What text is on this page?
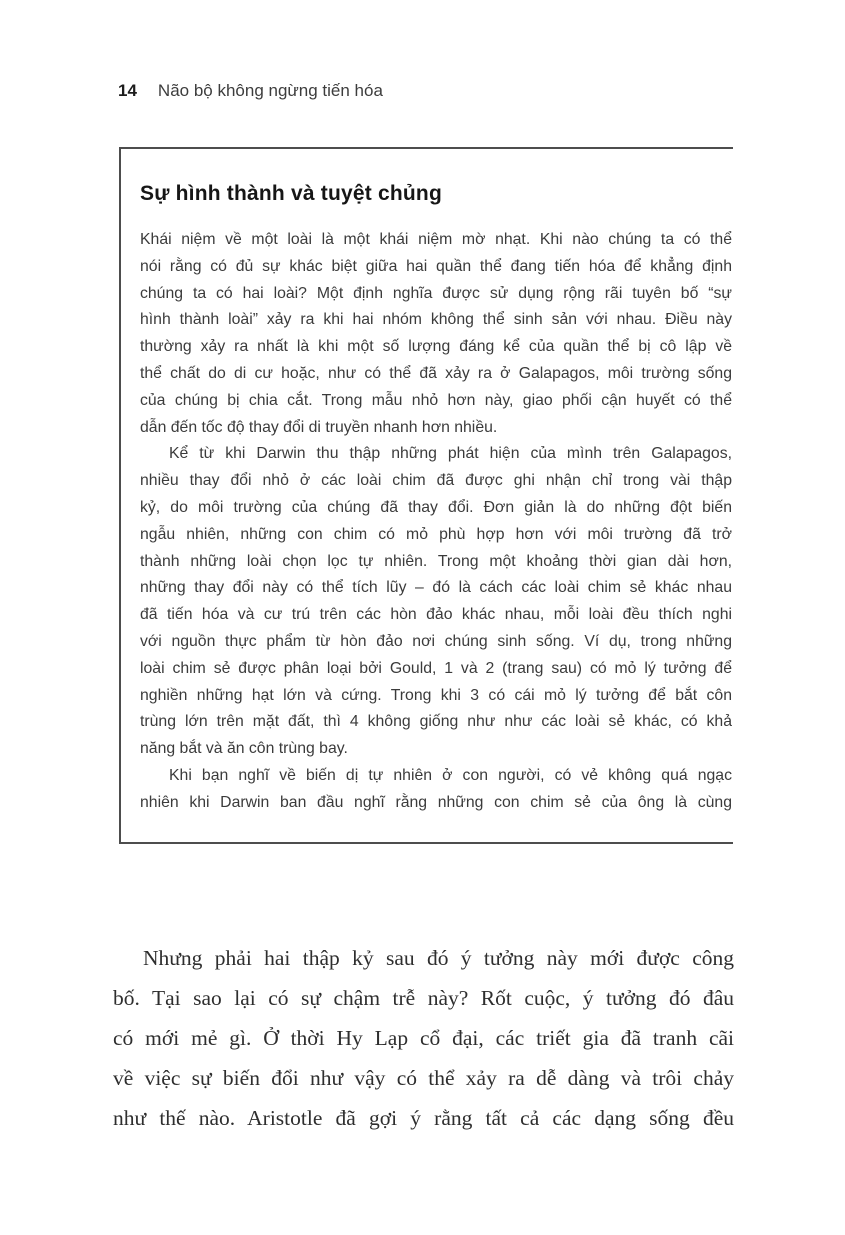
14 Não bộ không ngừng tiến hóa
Sự hình thành và tuyệt chủng
Khái niệm về một loài là một khái niệm mờ nhạt. Khi nào chúng ta có thể
nói rằng có đủ sự khác biệt giữa hai quần thể đang tiến hóa để khẳng định
chúng ta có hai loài? Một định nghĩa được sử dụng rộng rãi tuyên bố “sự
hình thành loài” xảy ra khi hai nhóm không thể sinh sản với nhau. Điều này
thường xảy ra nhất là khi một số lượng đáng kể của quần thể bị cô lập về
thể chất do di cư hoặc, như có thể đã xảy ra ở Galapagos, môi trường sống
của chúng bị chia cắt. Trong mẫu nhỏ hơn này, giao phối cận huyết có thể
dẫn đến tốc độ thay đổi di truyền nhanh hơn nhiều.
Kể từ khi Darwin thu thập những phát hiện của mình trên Galapagos,
nhiều thay đổi nhỏ ở các loài chim đã được ghi nhận chỉ trong vài thập
kỷ, do môi trường của chúng đã thay đổi. Đơn giản là do những đột biến
ngẫu nhiên, những con chim có mỏ phù hợp hơn với môi trường đã trở
thành những loài chọn lọc tự nhiên. Trong một khoảng thời gian dài hơn,
những thay đổi này có thể tích lũy – đó là cách các loài chim sẻ khác nhau
đã tiến hóa và cư trú trên các hòn đảo khác nhau, mỗi loài đều thích nghi
với nguồn thực phẩm từ hòn đảo nơi chúng sinh sống. Ví dụ, trong những
loài chim sẻ được phân loại bởi Gould, 1 và 2 (trang sau) có mỏ lý tưởng để
nghiền những hạt lớn và cứng. Trong khi 3 có cái mỏ lý tưởng để bắt côn
trùng lớn trên mặt đất, thì 4 không giống như như các loài sẻ khác, có khả
năng bắt và ăn côn trùng bay.
Khi bạn nghĩ về biến dị tự nhiên ở con người, có vẻ không quá ngạc
nhiên khi Darwin ban đầu nghĩ rằng những con chim sẻ của ông là cùng
Nhưng phải hai thập kỷ sau đó ý tưởng này mới được công
bố. Tại sao lại có sự chậm trễ này? Rốt cuộc, ý tưởng đó đâu
có mới mẻ gì. Ở thời Hy Lạp cổ đại, các triết gia đã tranh cãi
về việc sự biến đổi như vậy có thể xảy ra dễ dàng và trôi chảy
như thế nào. Aristotle đã gợi ý rằng tất cả các dạng sống đều
